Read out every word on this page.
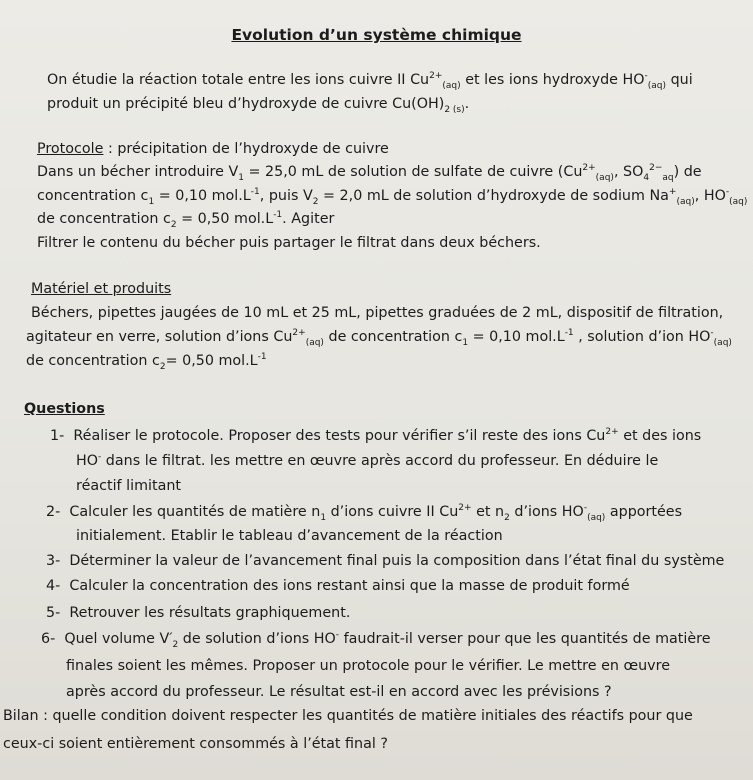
Evolution d’un système chimique
On étudie la réaction totale entre les ions cuivre II $Cu^{2+}_{(aq)}$ et les ions hydroxyde $HO^-_{(aq)}$ qui
produit un précipité bleu d’hydroxyde de cuivre $Cu(OH)_{2 (s)}$.
Protocole : précipitation de l’hydroxyde de cuivre
Dans un bécher introduire $V_1 = 25,0$ mL de solution de sulfate de cuivre ($Cu^{2+}_{(aq)}$, $SO_4^{2-}_{aq}$) de
concentration $c_1 = 0,10$ $mol.L^{-1}$, puis $V_2 = 2,0$ mL de solution d’hydroxyde de sodium $Na^+_{(aq)}$, $HO^-_{(aq)}$
de concentration $c_2 = 0,50$ $mol.L^{-1}$. Agiter
Filtrer le contenu du bécher puis partager le filtrat dans deux béchers.
Matériel et produits
Béchers, pipettes jaugées de 10 mL et 25 mL, pipettes graduées de 2 mL, dispositif de filtration,
agitateur en verre, solution d’ions $Cu^{2+}_{(aq)}$ de concentration $c_1 = 0,10$ $mol.L^{-1}$ , solution d’ion $HO^-_{(aq)}$
de concentration $c_2= 0,50$ $mol.L^{-1}$
Questions
1- Réaliser le protocole. Proposer des tests pour vérifier s’il reste des ions $Cu^{2+}$ et des ions
HO- dans le filtrat. les mettre en œuvre après accord du professeur. En déduire le
réactif limitant
2- Calculer les quantités de matière $n_1$ d’ions cuivre II $Cu^{2+}$ et $n_2$ d’ions $HO^-_{(aq)}$ apportées
initialement. Etablir le tableau d’avancement de la réaction
3- Déterminer la valeur de l’avancement final puis la composition dans l’état final du système
4- Calculer la concentration des ions restant ainsi que la masse de produit formé
5- Retrouver les résultats graphiquement.
6- Quel volume $V'_2$ de solution d’ions HO- faudrait-il verser pour que les quantités de matière
finales soient les mêmes. Proposer un protocole pour le vérifier. Le mettre en œuvre
après accord du professeur. Le résultat est-il en accord avec les prévisions ?
Bilan : quelle condition doivent respecter les quantités de matière initiales des réactifs pour que
ceux-ci soient entièrement consommés à l’état final ?
